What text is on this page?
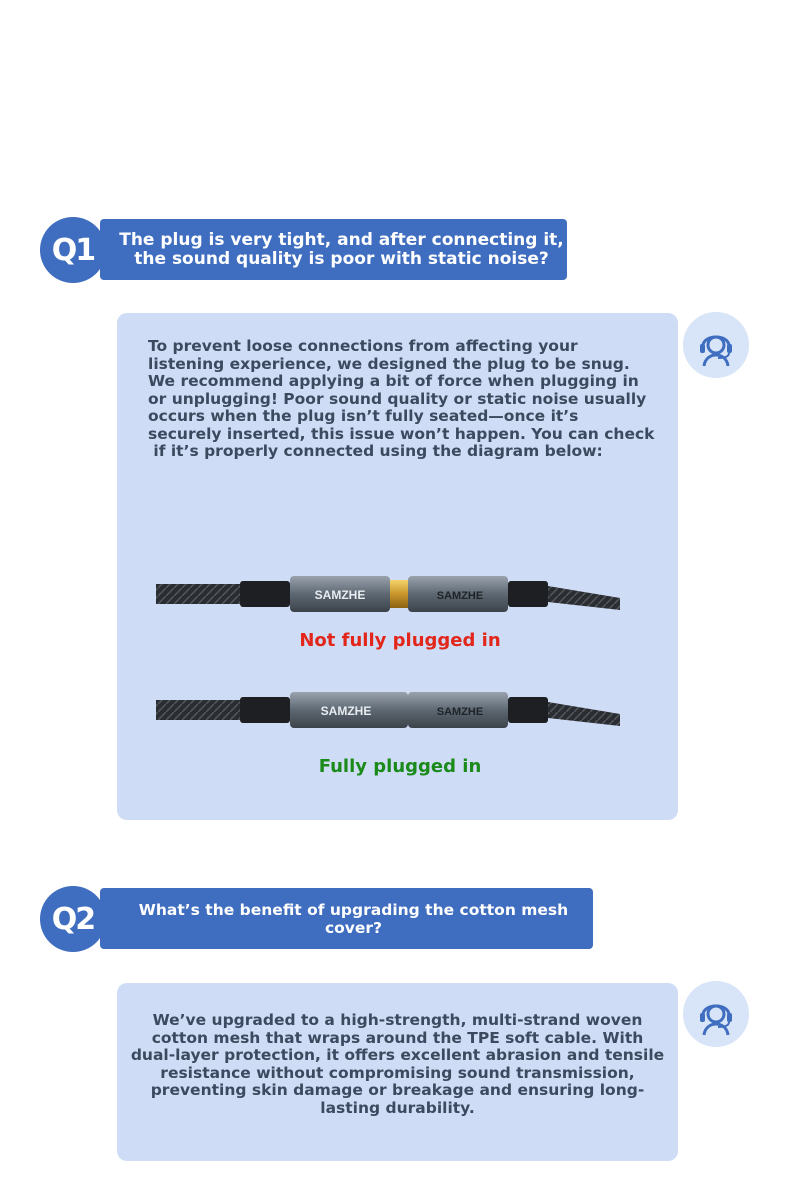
The plug is very tight, and after connecting it,
the sound quality is poor with static noise?
Q1
To prevent loose connections from affecting your
listening experience, we designed the plug to be snug.
We recommend applying a bit of force when plugging in
or unplugging! Poor sound quality or static noise usually
occurs when the plug isn’t fully seated—once it’s
securely inserted, this issue won’t happen. You can check
if it’s properly connected using the diagram below:
SAMZHE	SAMZHE
Not fully plugged in
SAMZHE	SAMZHE
Fully plugged in
What’s the benefit of upgrading the cotton mesh cover?
Q2
We’ve upgraded to a high-strength, multi-strand woven
cotton mesh that wraps around the TPE soft cable. With
dual-layer protection, it offers excellent abrasion and tensile
resistance without compromising sound transmission,
preventing skin damage or breakage and ensuring long-
lasting durability.
